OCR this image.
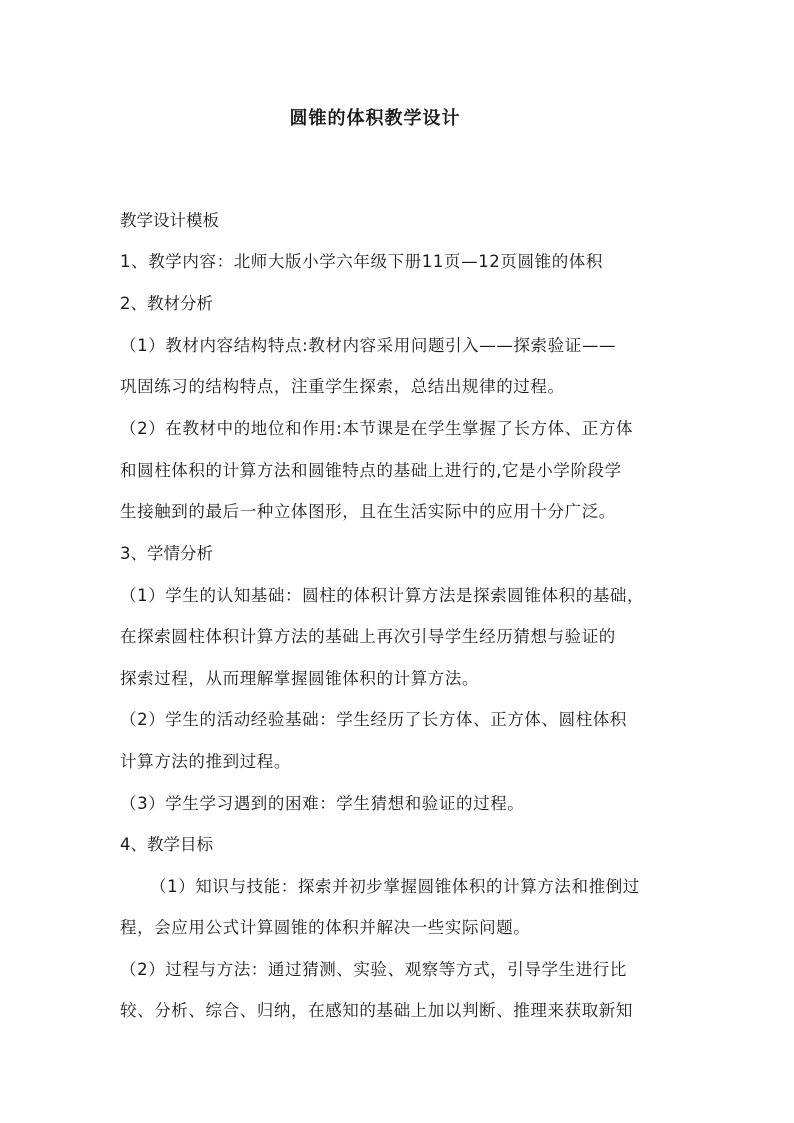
圆锥的体积教学设计

教学设计模板

1、教学内容：北师大版小学六年级下册11页—12页圆锥的体积

2、教材分析

（1）教材内容结构特点:教材内容采用问题引入——探索验证——

巩固练习的结构特点，注重学生探索，总结出规律的过程。

（2）在教材中的地位和作用:本节课是在学生掌握了长方体、正方体

和圆柱体积的计算方法和圆锥特点的基础上进行的,它是小学阶段学

生接触到的最后一种立体图形，且在生活实际中的应用十分广泛。

3、学情分析

（1）学生的认知基础：圆柱的体积计算方法是探索圆锥体积的基础，

在探索圆柱体积计算方法的基础上再次引导学生经历猜想与验证的

探索过程，从而理解掌握圆锥体积的计算方法。

（2）学生的活动经验基础：学生经历了长方体、正方体、圆柱体积

计算方法的推到过程。

（3）学生学习遇到的困难：学生猜想和验证的过程。

4、教学目标

（1）知识与技能：探索并初步掌握圆锥体积的计算方法和推倒过

程，会应用公式计算圆锥的体积并解决一些实际问题。

（2）过程与方法：通过猜测、实验、观察等方式，引导学生进行比

较、分析、综合、归纳，在感知的基础上加以判断、推理来获取新知
